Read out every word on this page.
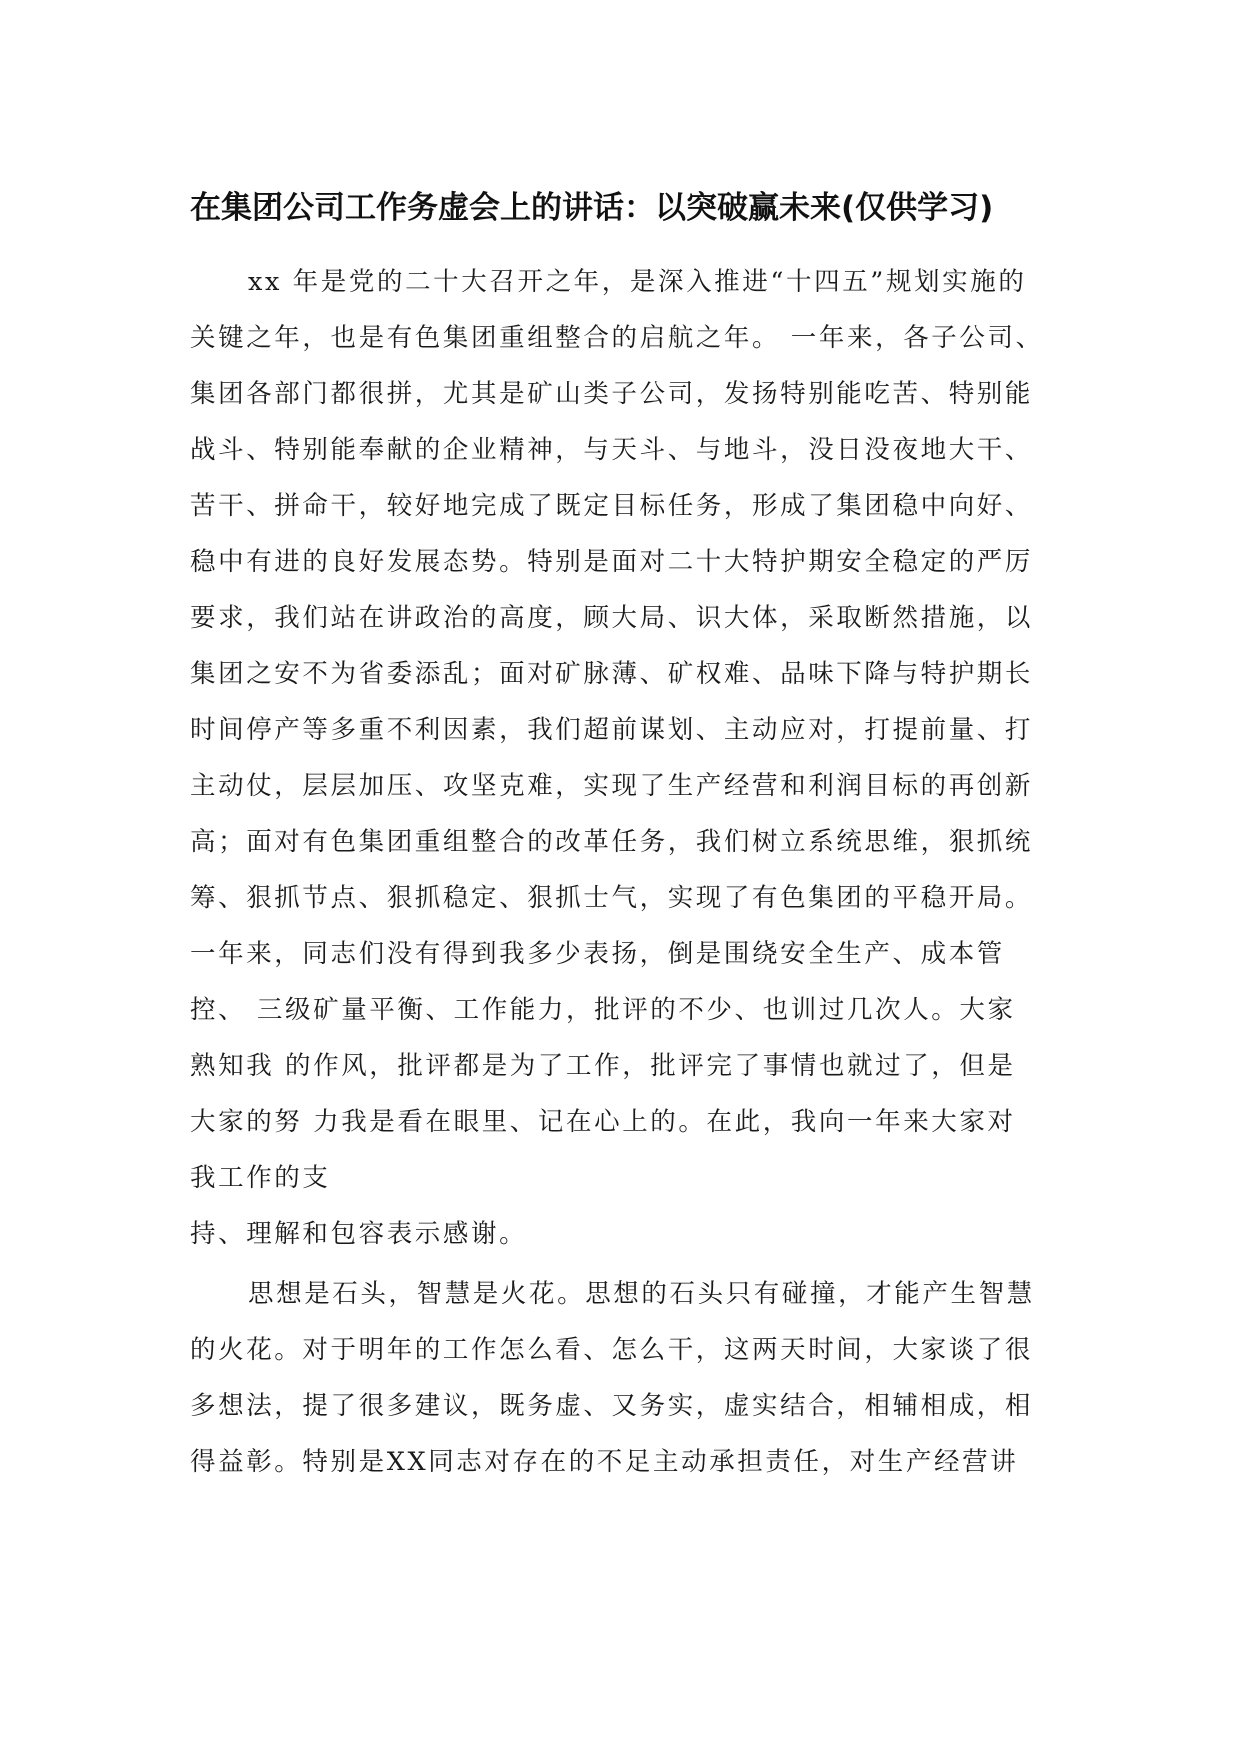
在集团公司工作务虚会上的讲话：以突破赢未来(仅供学习)
xx 年是党的二十大召开之年，是深入推进“十四五”规划实施的
关键之年，也是有色集团重组整合的启航之年。 一年来，各子公司、
集团各部门都很拼，尤其是矿山类子公司，发扬特别能吃苦、特别能
战斗、特别能奉献的企业精神，与天斗、与地斗，没日没夜地大干、
苦干、拼命干，较好地完成了既定目标任务，形成了集团稳中向好、
稳中有进的良好发展态势。特别是面对二十大特护期安全稳定的严厉
要求，我们站在讲政治的高度，顾大局、识大体，采取断然措施，以
集团之安不为省委添乱；面对矿脉薄、矿权难、品味下降与特护期长
时间停产等多重不利因素，我们超前谋划、主动应对，打提前量、打
主动仗，层层加压、攻坚克难，实现了生产经营和利润目标的再创新
高；面对有色集团重组整合的改革任务，我们树立系统思维，狠抓统
筹、狠抓节点、狠抓稳定、狠抓士气，实现了有色集团的平稳开局。
一年来，同志们没有得到我多少表扬，倒是围绕安全生产、成本管
控、 三级矿量平衡、工作能力，批评的不少、也训过几次人。大家
熟知我 的作风，批评都是为了工作，批评完了事情也就过了，但是
大家的努 力我是看在眼里、记在心上的。在此，我向一年来大家对
我工作的支
持、理解和包容表示感谢。
思想是石头，智慧是火花。思想的石头只有碰撞，才能产生智慧
的火花。对于明年的工作怎么看、怎么干，这两天时间，大家谈了很
多想法，提了很多建议，既务虚、又务实，虚实结合，相辅相成，相
得益彰。特别是XX同志对存在的不足主动承担责任，对生产经营讲
